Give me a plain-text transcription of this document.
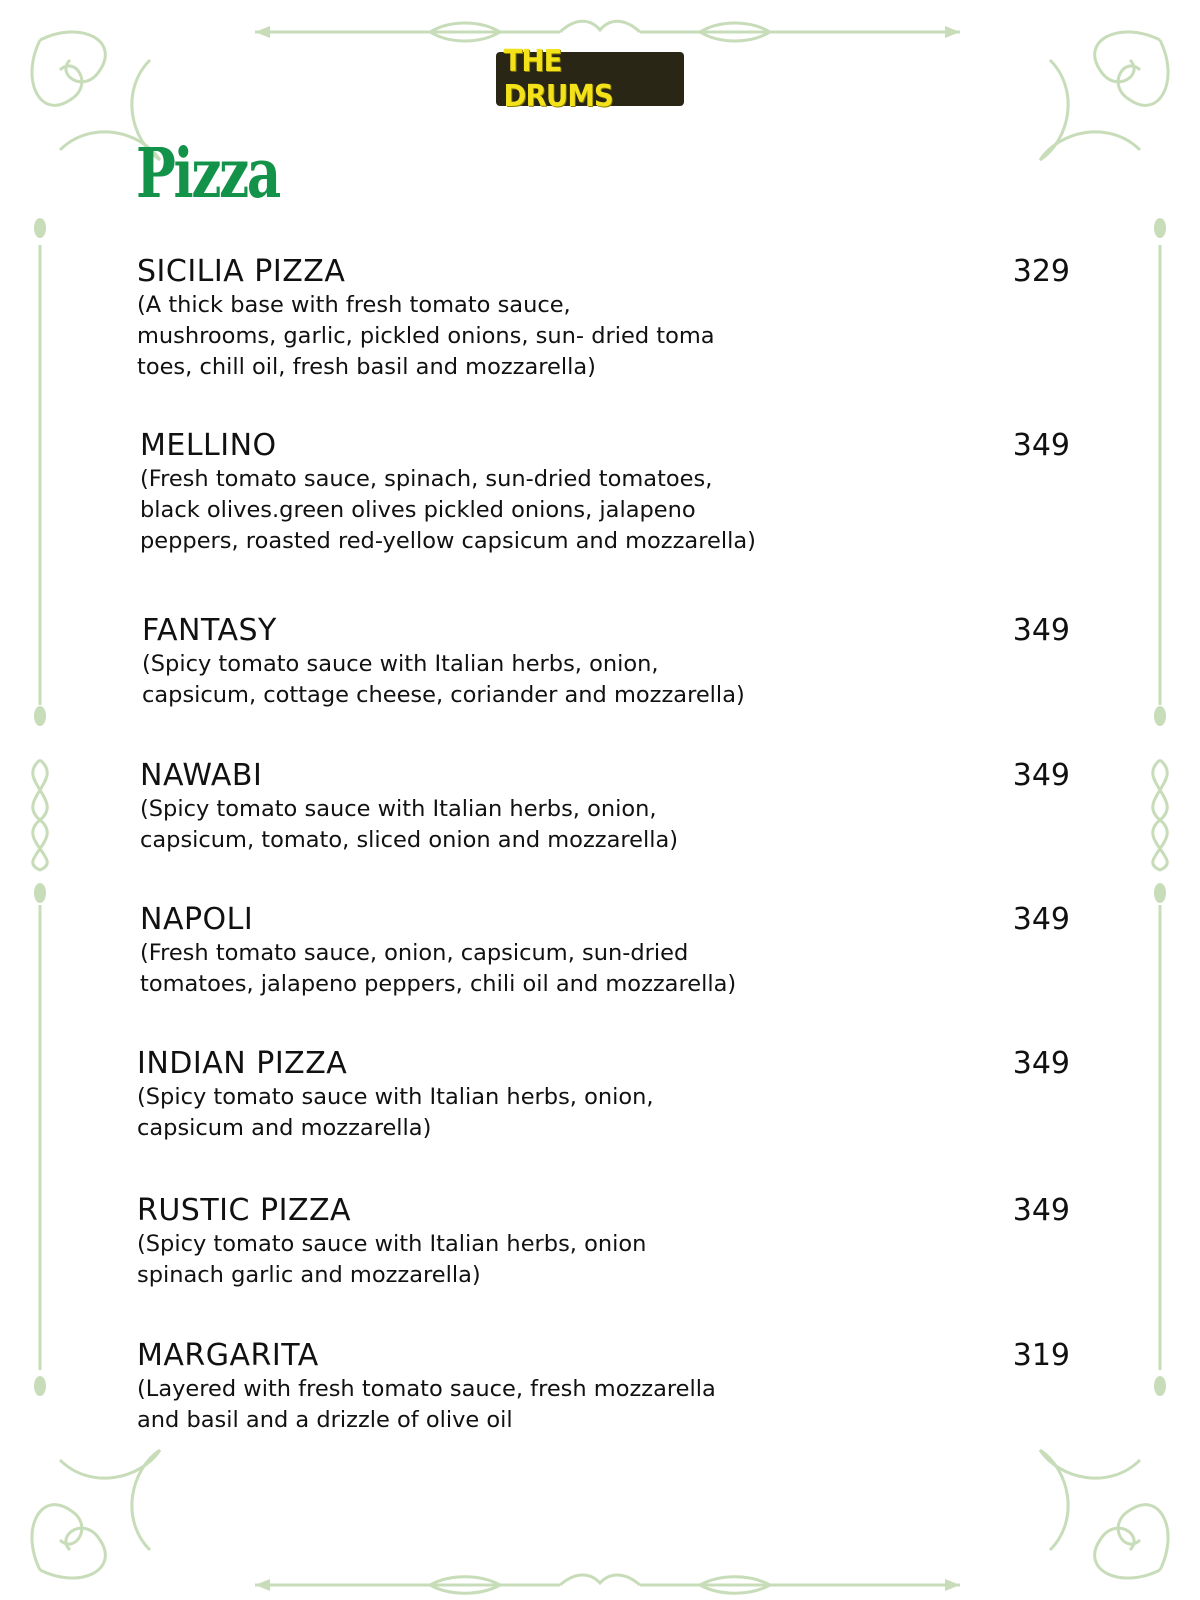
THE DRUMS
Pizza
SICILIA PIZZA	329
(A thick base with fresh tomato sauce,
mushrooms, garlic, pickled onions, sun- dried toma
toes, chill oil, fresh basil and mozzarella)
MELLINO	349
(Fresh tomato sauce, spinach, sun-dried tomatoes,
black olives.green olives pickled onions, jalapeno
peppers, roasted red-yellow capsicum and mozzarella)
FANTASY	349
(Spicy tomato sauce with Italian herbs, onion,
capsicum, cottage cheese, coriander and mozzarella)
NAWABI	349
(Spicy tomato sauce with Italian herbs, onion,
capsicum, tomato, sliced onion and mozzarella)
NAPOLI	349
(Fresh tomato sauce, onion, capsicum, sun-dried
tomatoes, jalapeno peppers, chili oil and mozzarella)
INDIAN PIZZA	349
(Spicy tomato sauce with Italian herbs, onion,
capsicum and mozzarella)
RUSTIC PIZZA	349
(Spicy tomato sauce with Italian herbs, onion
spinach garlic and mozzarella)
MARGARITA	319
(Layered with fresh tomato sauce, fresh mozzarella
and basil and a drizzle of olive oil
